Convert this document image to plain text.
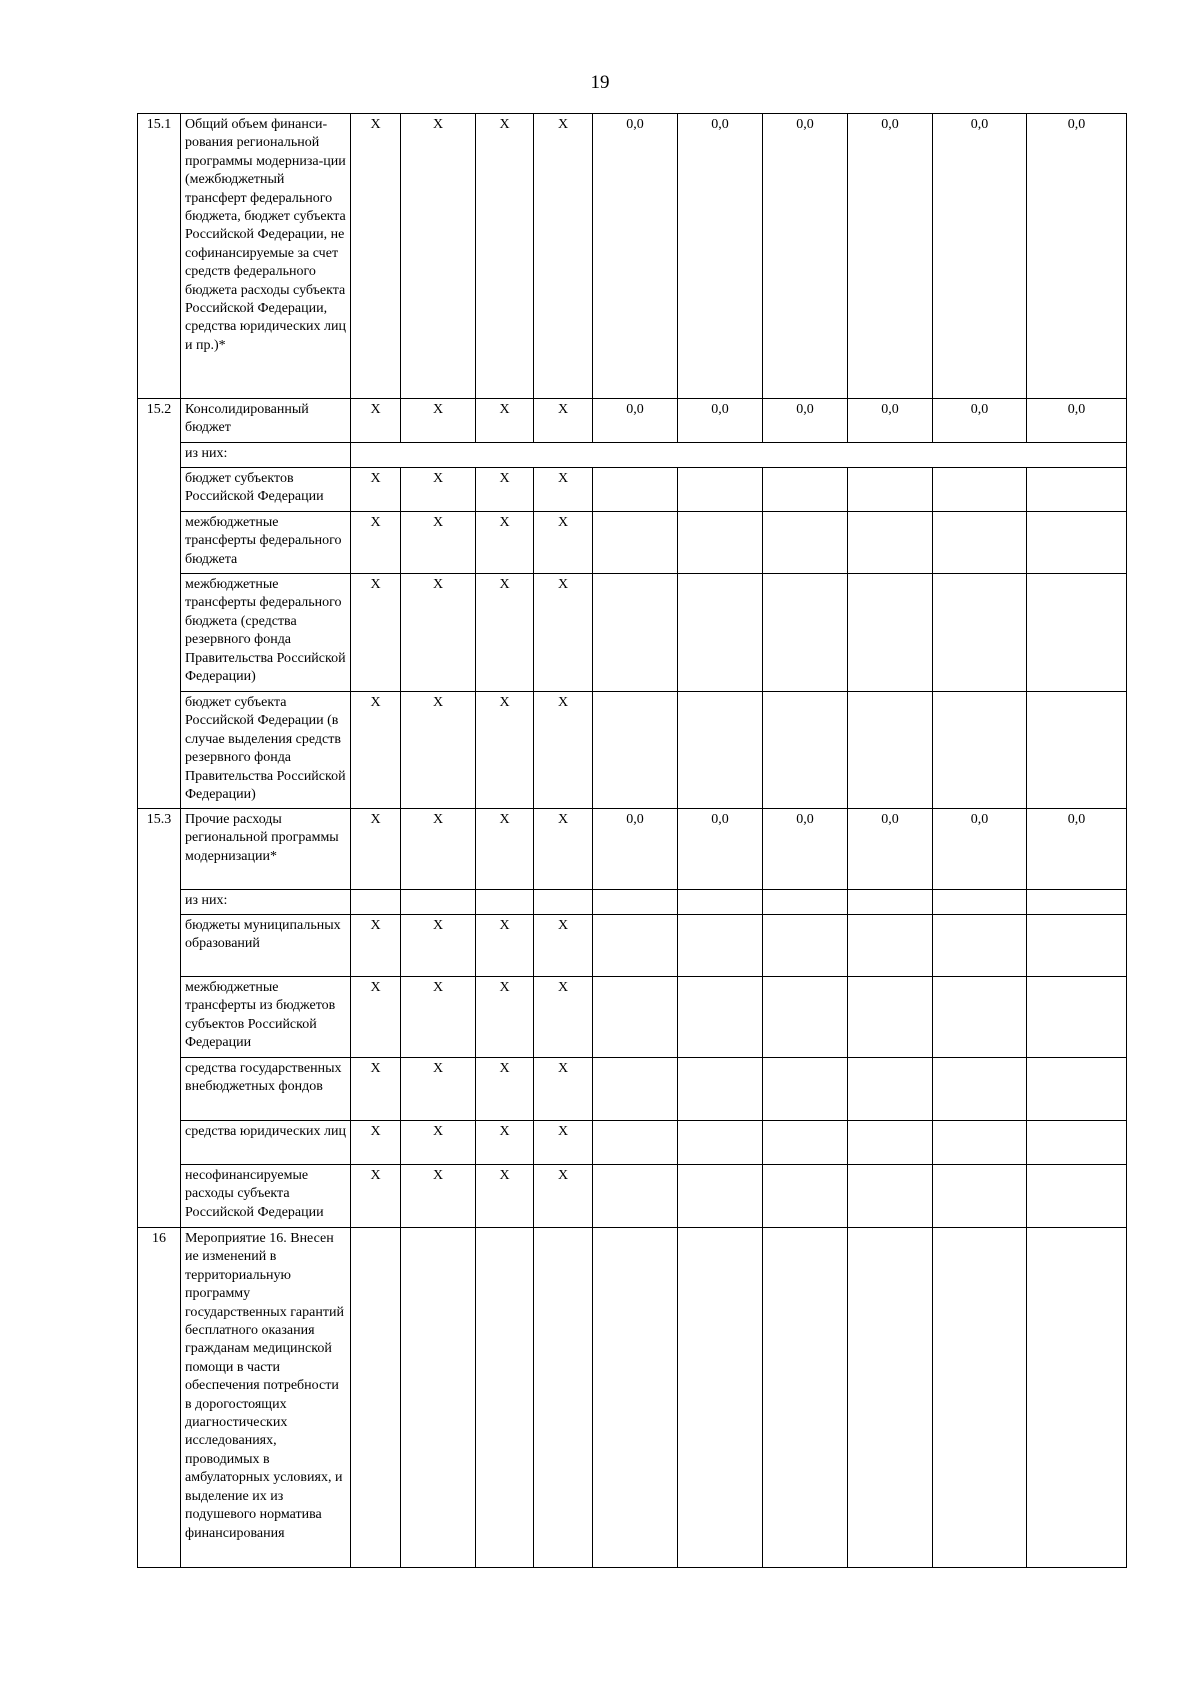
19
15.1	Общий объем финанси-рования региональной программы модерниза-ции (межбюджетный трансферт федерального бюджета, бюджет субъекта Российской Федерации, не софинансируемые за счет средств федерального бюджета расходы субъекта Российской Федерации, средства юридических лиц и пр.)*	Х	Х	Х	Х	0,0	0,0	0,0	0,0	0,0	0,0
15.2	Консолидированный бюджет	Х	Х	Х	Х	0,0	0,0	0,0	0,0	0,0	0,0
	из них:										
	бюджет субъектов Российской Федерации	Х	Х	Х	Х						
	межбюджетные трансферты федерального бюджета	Х	Х	Х	Х						
	межбюджетные трансферты федерального бюджета (средства резервного фонда Правительства Российской Федерации)	Х	Х	Х	Х						
	бюджет субъекта Российской Федерации (в случае выделения средств резервного фонда Правительства Российской Федерации)	Х	Х	Х	Х						
15.3	Прочие расходы региональной программы модернизации*	Х	Х	Х	Х	0,0	0,0	0,0	0,0	0,0	0,0
	из них:										
	бюджеты муниципальных образований	Х	Х	Х	Х						
	межбюджетные трансферты из бюджетов субъектов Российской Федерации	Х	Х	Х	Х						
	средства государственных внебюджетных фондов	Х	Х	Х	Х						
	средства юридических лиц	Х	Х	Х	Х						
	несофинансируемые расходы субъекта Российской Федерации	Х	Х	Х	Х						
16	Мероприятие 16. Внесен ие изменений в территориальную программу государственных гарантий бесплатного оказания гражданам медицинской помощи в части обеспечения потребности в дорогостоящих диагностических исследованиях, проводимых в амбулаторных условиях, и выделение их из подушевого норматива финансирования										
